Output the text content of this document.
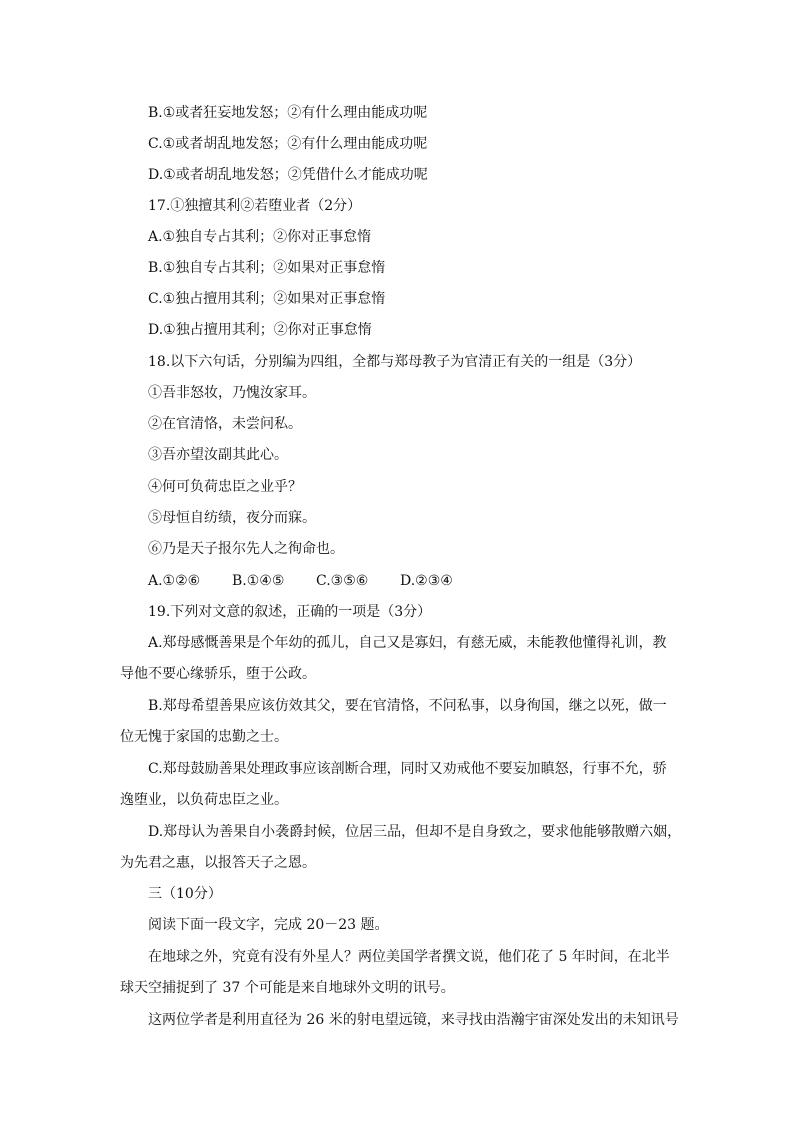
B.①或者狂妄地发怒；②有什么理由能成功呢
C.①或者胡乱地发怒；②有什么理由能成功呢
D.①或者胡乱地发怒；②凭借什么才能成功呢
17.①独擅其利②若堕业者（2分）
A.①独自专占其利；②你对正事怠惰
B.①独自专占其利；②如果对正事怠惰
C.①独占擅用其利；②如果对正事怠惰
D.①独占擅用其利；②你对正事怠惰
18.以下六句话，分别编为四组，全都与郑母教子为官清正有关的一组是（3分）
①吾非怒妆，乃愧汝家耳。
②在官清恪，未尝问私。
③吾亦望汝副其此心。
④何可负荷忠臣之业乎？
⑤母恒自纺绩，夜分而寐。
⑥乃是天子报尔先人之徇命也。
A.①②⑥	B.①④⑤	C.③⑤⑥	D.②③④
19.下列对文意的叙述，正确的一项是（3分）
A.郑母感慨善果是个年幼的孤儿，自己又是寡妇，有慈无威，未能教他懂得礼训，教
导他不要心缘骄乐，堕于公政。
B.郑母希望善果应该仿效其父，要在官清恪，不问私事，以身徇国，继之以死，做一
位无愧于家国的忠勤之士。
C.郑母鼓励善果处理政事应该剖断合理，同时又劝戒他不要妄加瞋怒，行事不允，骄
逸堕业，以负荷忠臣之业。
D.郑母认为善果自小袭爵封候，位居三品，但却不是自身致之，要求他能够散赠六姻，
为先君之惠，以报答天子之恩。
三（10分）
阅读下面一段文字，完成 20－23 题。
在地球之外，究竟有没有外星人？两位美国学者撰文说，他们花了 5 年时间，在北半
球天空捕捉到了 37 个可能是来自地球外文明的讯号。
这两位学者是利用直径为 26 米的射电望远镜，来寻找由浩瀚宇宙深处发出的未知讯号
